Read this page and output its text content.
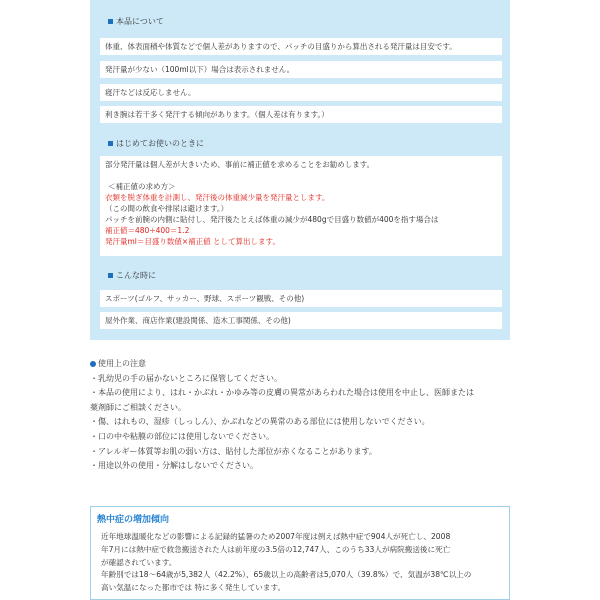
本品について
体重、体表面積や体質などで個人差がありますので、パッチの目盛りから算出される発汗量は目安です。
発汗量が少ない（100ml以下）場合は表示されません。
寝汗などは反応しません。
利き腕は若干多く発汗する傾向があります。（個人差は有ります。）
はじめてお使いのときに
部分発汗量は個人差が大きいため、事前に補正値を求めることをお勧めします。
＜補正値の求め方＞
衣類を脱ぎ体重を計測し、発汗後の体重減少量を発汗量とします。
（この間の飲食や排尿は避けます。）
パッチを前腕の内側に貼付し、発汗後たとえば体重の減少が480gで目盛り数値が400を指す場合は
補正値＝480÷400＝1.2
発汗量ml＝目盛り数値×補正値 として算出します。
こんな時に
スポーツ(ゴルフ、サッカー、野球、スポーツ観戦、その他)
屋外作業、商店作業(建設関係、造木工事関係、その他)
使用上の注意
・乳幼児の手の届かないところに保管してください。
・本品の使用により、はれ・かぶれ・かゆみ等の皮膚の異常があらわれた場合は使用を中止し、医師または
薬剤師にご相談ください。
・傷、はれもの、湿疹（しっしん）、かぶれなどの異常のある部位には使用しないでください。
・口の中や粘膜の部位には使用しないでください。
・アレルギー体質等お肌の弱い方は、貼付した部位が赤くなることがあります。
・用途以外の使用・分解はしないでください。
熱中症の増加傾向
近年地球温暖化などの影響による記録的猛暑のため2007年度は例えば熱中症で904人が死亡し、2008
年7月には熱中症で救急搬送された人は前年度の3.5倍の12,747人、このうち33人が病院搬送後に死亡
が確認されています。
年齢別では18〜64歳が5,382人（42.2%）、65歳以上の高齢者は5,070人（39.8%）で、気温が38℃以上の
高い気温になった都市では 特に多く発生しています。
